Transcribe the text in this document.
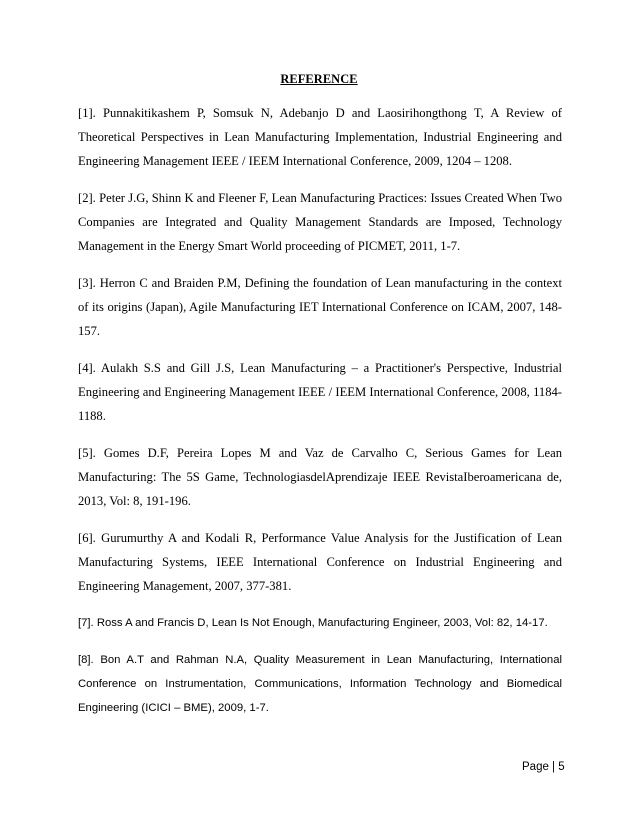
REFERENCE

[1]. Punnakitikashem P, Somsuk N, Adebanjo D and Laosirihongthong T, A Review of Theoretical Perspectives in Lean Manufacturing Implementation, Industrial Engineering and Engineering Management IEEE / IEEM International Conference, 2009, 1204 – 1208.

[2]. Peter J.G, Shinn K and Fleener F, Lean Manufacturing Practices: Issues Created When Two Companies are Integrated and Quality Management Standards are Imposed, Technology Management in the Energy Smart World proceeding of PICMET, 2011, 1-7.

[3]. Herron C and Braiden P.M, Defining the foundation of Lean manufacturing in the context of its origins (Japan), Agile Manufacturing IET International Conference on ICAM, 2007, 148-157.

[4]. Aulakh S.S and Gill J.S, Lean Manufacturing – a Practitioner's Perspective, Industrial Engineering and Engineering Management IEEE / IEEM International Conference, 2008, 1184-1188.

[5]. Gomes D.F, Pereira Lopes M and Vaz de Carvalho C, Serious Games for Lean Manufacturing: The 5S Game, TechnologiasdelAprendizaje IEEE RevistaIberoamericana de, 2013, Vol: 8, 191-196.

[6]. Gurumurthy A and Kodali R, Performance Value Analysis for the Justification of Lean Manufacturing Systems, IEEE International Conference on Industrial Engineering and Engineering Management, 2007, 377-381.

[7]. Ross A and Francis D, Lean Is Not Enough, Manufacturing Engineer, 2003, Vol: 82, 14-17.

[8]. Bon A.T and Rahman N.A, Quality Measurement in Lean Manufacturing, International Conference on Instrumentation, Communications, Information Technology and Biomedical Engineering (ICICI – BME), 2009, 1-7.

Page | 5
